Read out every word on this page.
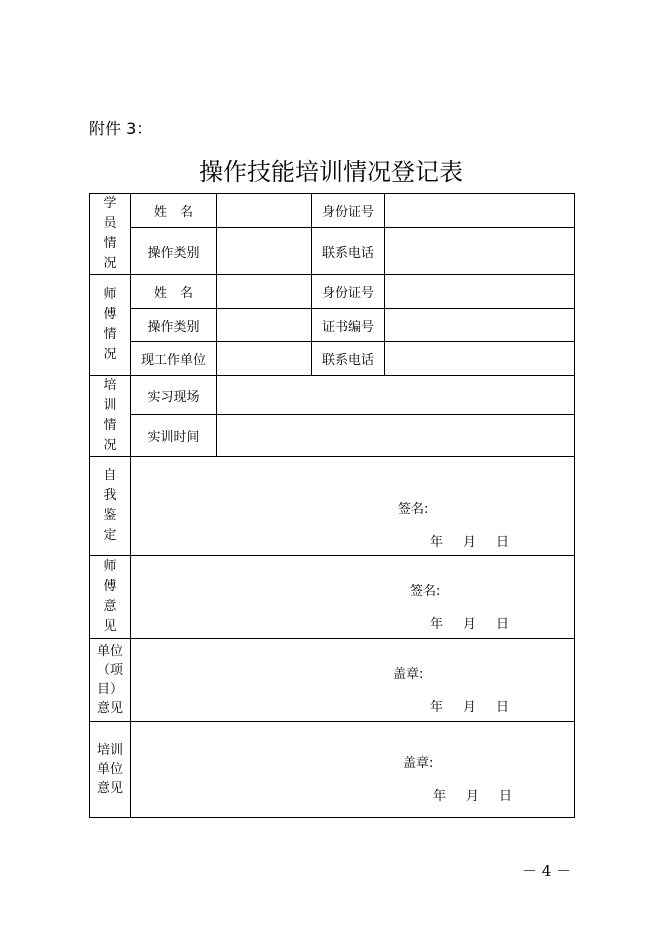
附件 3：
操作技能培训情况登记表
学员情况	姓　名		身份证号	
	操作类别		联系电话	

师傅情况	姓　名		身份证号	
	操作类别		证书编号	
	现工作单位		联系电话	

培训情况	实习现场			
	实训时间			

自我鉴定	签名:
年 月 日			

师傅意见	签名:
年 月 日			

单位（项目）意见	盖章:
年 月 日			

培训单位意见	盖章:
年 月 日			
－ 4 －
